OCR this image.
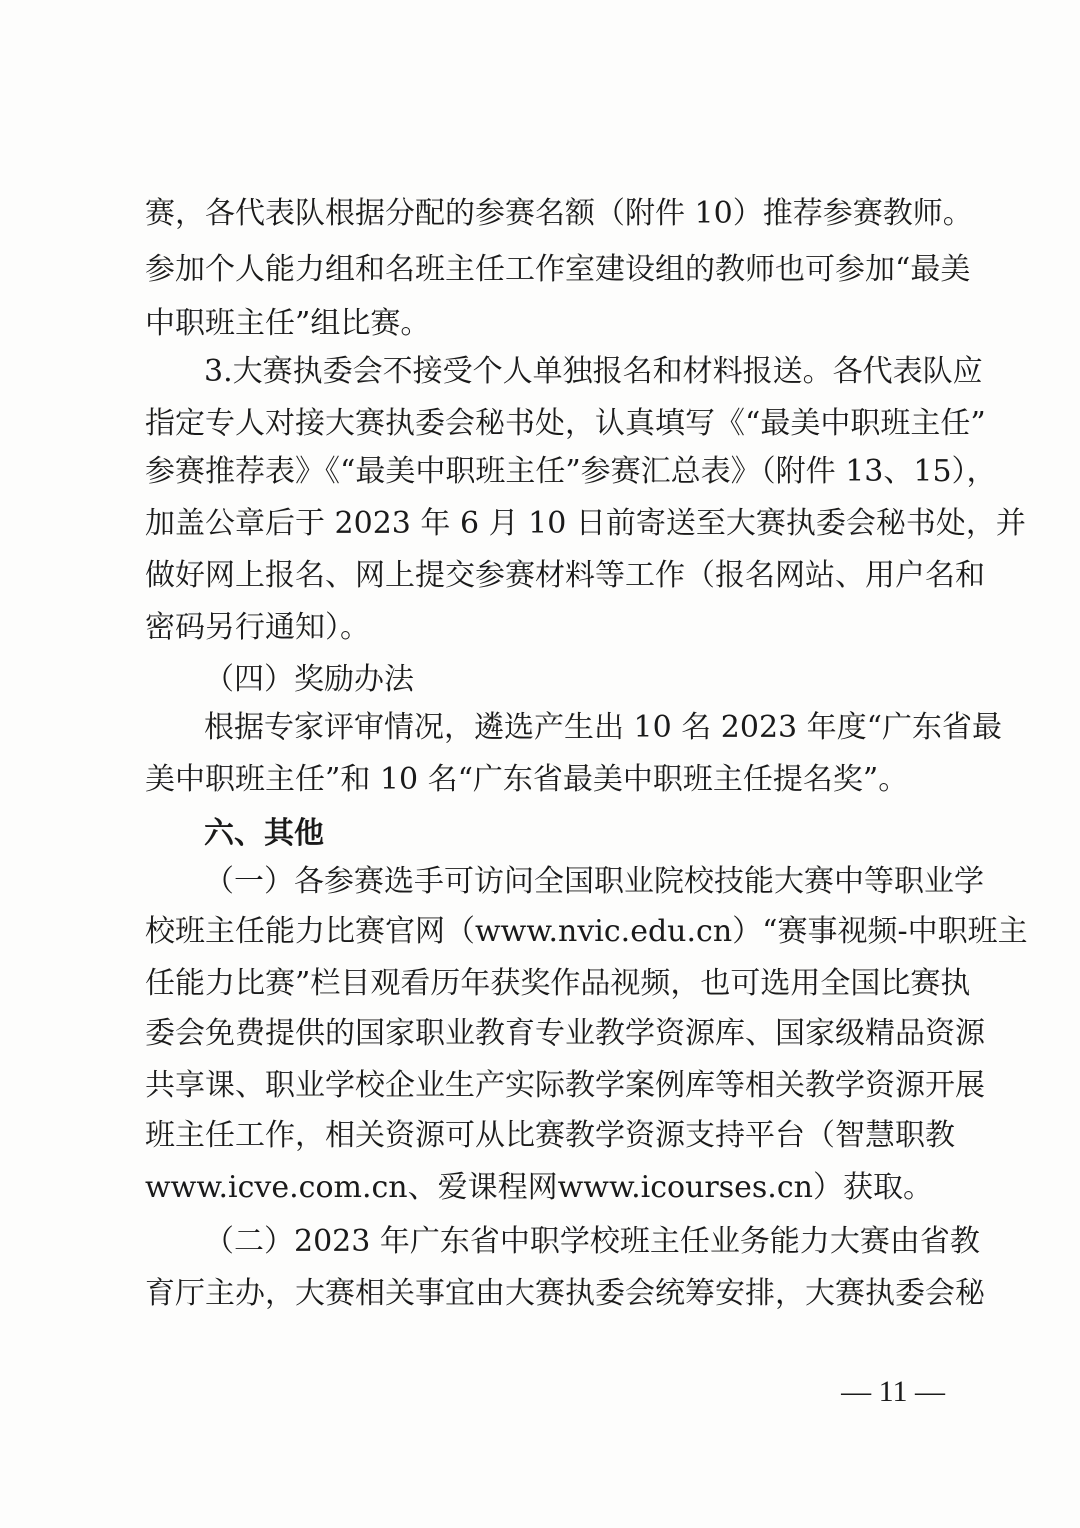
赛，各代表队根据分配的参赛名额（附件 10）推荐参赛教师。
参加个人能力组和名班主任工作室建设组的教师也可参加“最美
中职班主任”组比赛。
3.大赛执委会不接受个人单独报名和材料报送。各代表队应
指定专人对接大赛执委会秘书处，认真填写《“最美中职班主任”
参赛推荐表》《“最美中职班主任”参赛汇总表》（附件 13、15），
加盖公章后于 2023 年 6 月 10 日前寄送至大赛执委会秘书处，并
做好网上报名、网上提交参赛材料等工作（报名网站、用户名和
密码另行通知）。
（四）奖励办法
根据专家评审情况，遴选产生出 10 名 2023 年度“广东省最
美中职班主任”和 10 名“广东省最美中职班主任提名奖”。
六、其他
（一）各参赛选手可访问全国职业院校技能大赛中等职业学
校班主任能力比赛官网（www.nvic.edu.cn）“赛事视频-中职班主
任能力比赛”栏目观看历年获奖作品视频，也可选用全国比赛执
委会免费提供的国家职业教育专业教学资源库、国家级精品资源
共享课、职业学校企业生产实际教学案例库等相关教学资源开展
班主任工作，相关资源可从比赛教学资源支持平台（智慧职教
www.icve.com.cn、爱课程网www.icourses.cn）获取。
（二）2023 年广东省中职学校班主任业务能力大赛由省教
育厅主办，大赛相关事宜由大赛执委会统筹安排，大赛执委会秘
— 11 —
